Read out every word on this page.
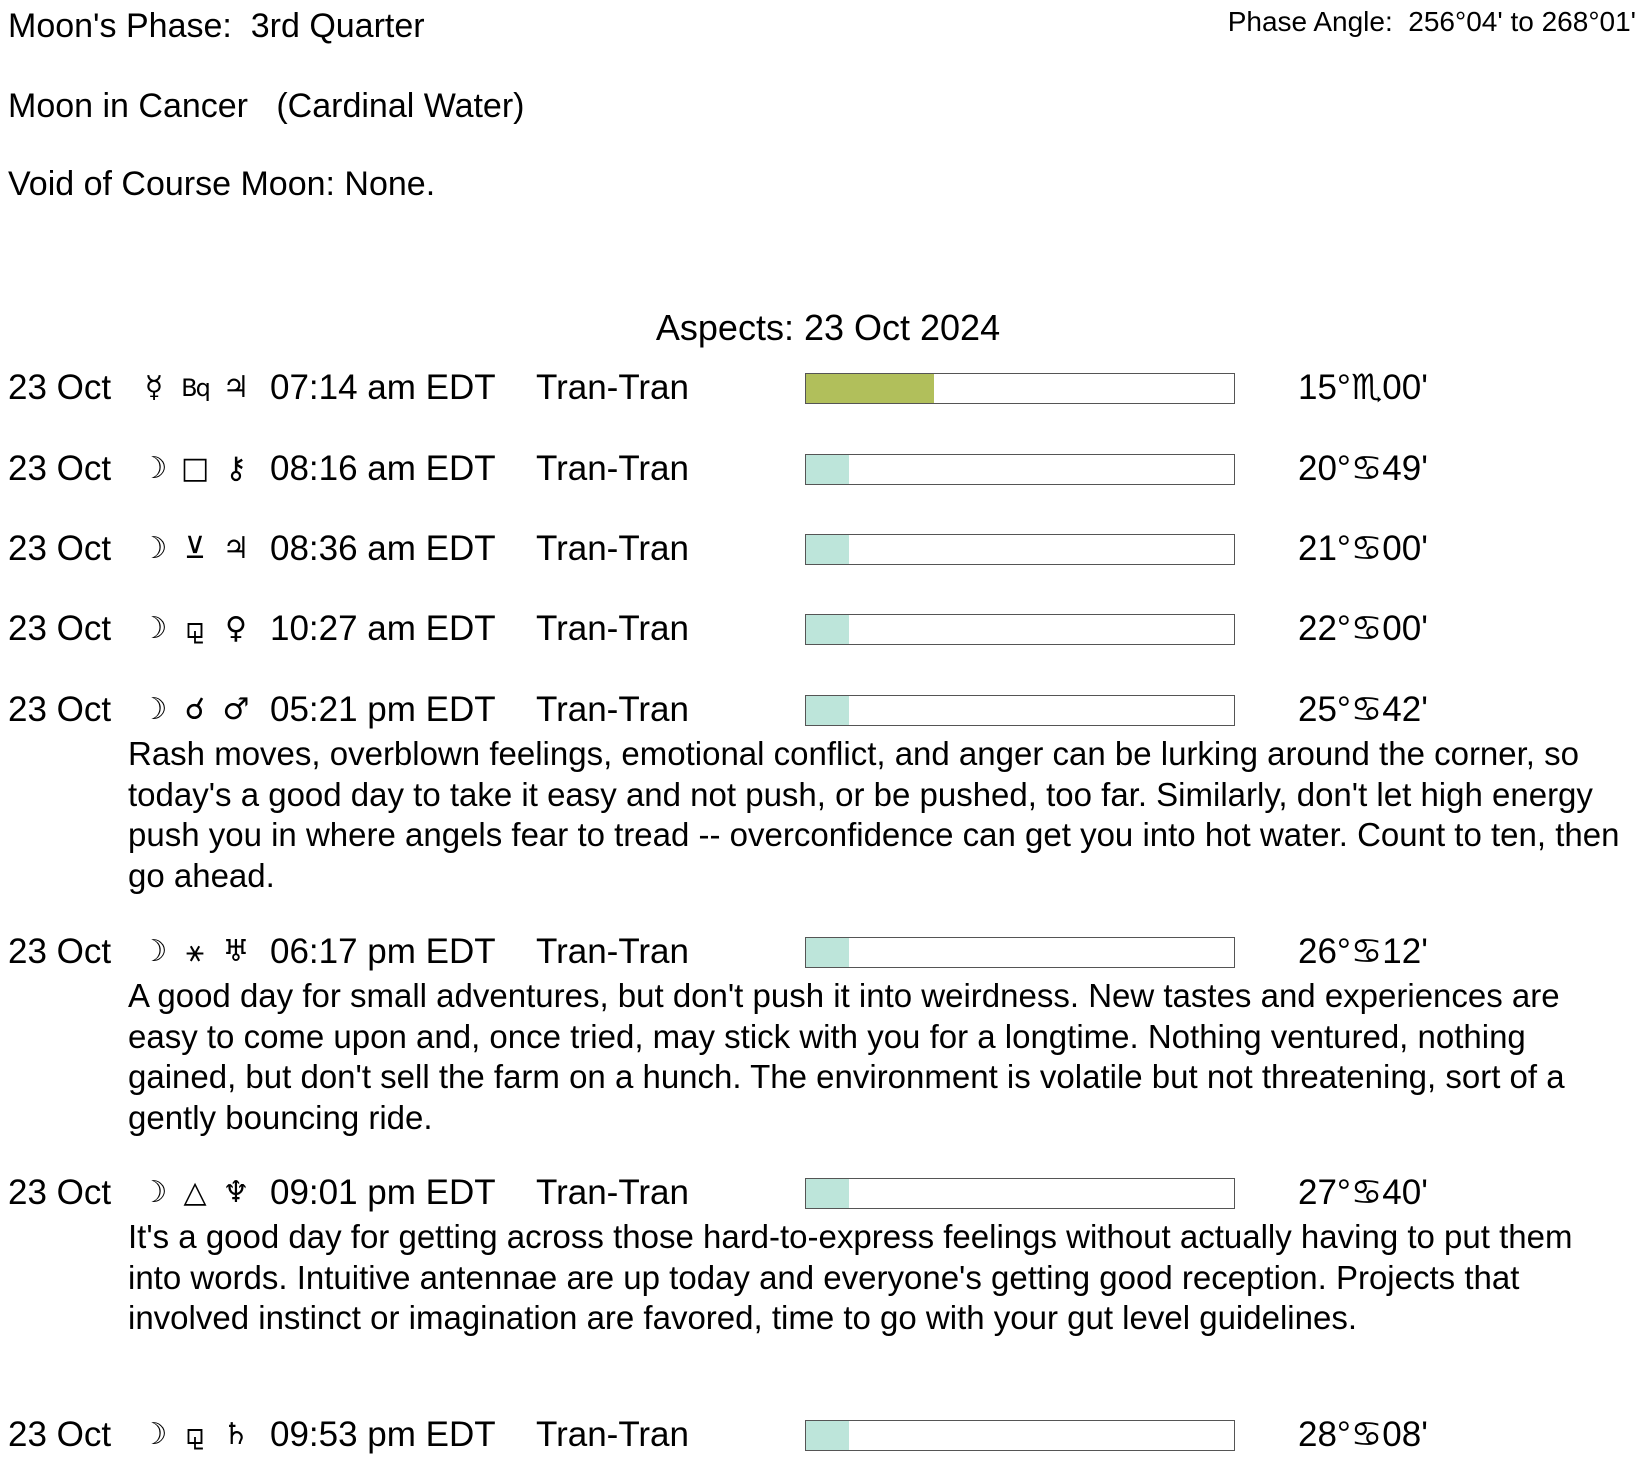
Moon's Phase:  3rd Quarter	Phase Angle:  256°04' to 268°01'
Moon in Cancer   (Cardinal Water)
Void of Course Moon: None.
Aspects: 23 Oct 2024
23 Oct	☿ Bq ♃ 07:14 am EDT Tran-Tran	15°♏00'
23 Oct ☽ □ ⚷ 08:16 am EDT Tran-Tran	20°♋49'
23 Oct ☽ ⊻ ♃ 08:36 am EDT Tran-Tran	21°♋00'
23 Oct ☽ ⚼ ♀ 10:27 am EDT Tran-Tran	22°♋00'
23 Oct ☽ ☌ ♂ 05:21 pm EDT Tran-Tran	25°♋42'
Rash moves, overblown feelings, emotional conflict, and anger can be lurking around the corner, so today's a good day to take it easy and not push, or be pushed, too far. Similarly, don't let high energy push you in where angels fear to tread -- overconfidence can get you into hot water. Count to ten, then go ahead.
23 Oct ☽ ⚹ ♅ 06:17 pm EDT Tran-Tran	26°♋12'
A good day for small adventures, but don't push it into weirdness. New tastes and experiences are easy to come upon and, once tried, may stick with you for a longtime. Nothing ventured, nothing gained, but don't sell the farm on a hunch. The environment is volatile but not threatening, sort of a gently bouncing ride.
23 Oct ☽ △ ♆ 09:01 pm EDT Tran-Tran	27°♋40'
It's a good day for getting across those hard-to-express feelings without actually having to put them into words. Intuitive antennae are up today and everyone's getting good reception. Projects that involved instinct or imagination are favored, time to go with your gut level guidelines.
23 Oct ☽ ⚼ ♄ 09:53 pm EDT Tran-Tran	28°♋08'
